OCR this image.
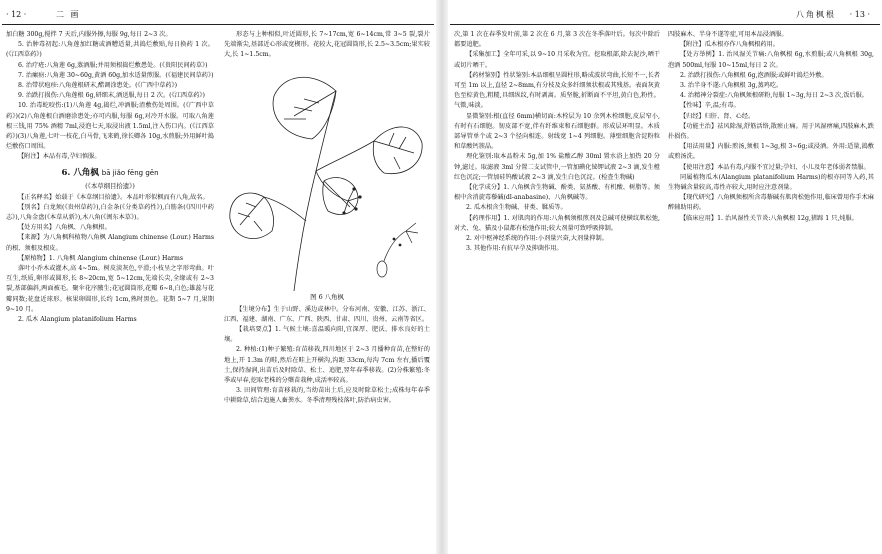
· 12 ·	二 画

加白糖 300g,搅拌 7 天后,内服外擦,每服 9g,每日 2~3 次。

5. 治肿毒初起:八角莲加红糖或酒糟适量,共捣烂敷贴,每日换药 1 次。(《江西草药》)

6. 治疗疮:八角莲 6g,蒸酒服;并用须根捣烂敷患处。(《贵阳民间药草》)

7. 治瘰疬:八角莲 30~60g,黄酒 60g,加水适量煎服。(《福建民间草药》)

8. 治带状疱疹:八角莲根研末,醋调涂患处。(《广西中草药》)

9. 治跌打损伤:八角莲根 6g,研细末,酒送服,每日 2 次。(《江西草药》)

10. 治毒蛇咬伤:(1)八角莲 4g,捣烂,冲酒服;渣敷伤处周围。(《广西中草药》)(2)八角莲根白酒磨涂患处;亦可内服,每服 6g,对冷开水服。可取八角莲根三钱,用 75% 酒精 7ml,浸泡七天,取浸出液 1.5ml,注入伤口内。(《江西草药》)(3)八角莲,七叶一枝花,白马骨,飞来鹤,徐长卿各 10g,水煎服;外用鲜叶捣烂敷伤口周围。

【附注】本品有毒,孕妇慎服。

6. 八角枫 bā jiǎo fēng gēn
(《本草纲目拾遗》)

【正名释名】始载于《本草纲目拾遗》。本品叶形似枫而有八角,故名。

【别名】白龙须(《贵州草药》),白金条(《分类草药性》),白筋条(《四川中药志》),八角金盘(《本草从新》),木八角(《闽东本草》)。

【处方用名】八角枫、八角枫根。

【来源】为八角枫科植物八角枫 Alangium chinense (Lour.) Harms 的根、须根及根皮。

【原植物】1. 八角枫 Alangium chinense (Lour.) Harms

落叶小乔木或灌木,高 4~5m。树皮淡灰色,平滑;小枝呈之字形弯曲。叶互生,纸质,卵形或圆形,长 8~20cm,宽 5~12cm,先端长尖,全缘或有 2~3 裂,基部偏斜,两面被毛。聚伞花序腋生;花冠圆筒形,花瓣 6~8,白色;雄蕊与花瓣同数;花盘近球形。核果卵圆形,长约 1cm,熟时黑色。花期 5~7 月,果期 9~10 月。

2. 瓜木 Alangium platanifolium Harms

形态与上种相似,叶近圆形,长 7~17cm,宽 6~14cm,常 3~5 裂,裂片先端渐尖,基部近心形或宽楔形。花较大,花冠圆筒形,长 2.5~3.5cm;果实较大,长 1~1.5cm。

图 6 八角枫

【生境分布】生于山野、溪边或林中。分布河南、安徽、江苏、浙江、江西、福建、湖南、广东、广西、陕西、甘肃、四川、贵州、云南等省区。

【栽培要点】1. 气候土壤:喜温暖向阳,宜深厚、肥沃、排水良好的土壤。

2. 种植:(1)种子繁殖:育苗移栽,四川地区于 2~3 月播种育苗,在整好的地上,开 1.3m 的畦,然后在畦上开横沟,沟距 33cm,每沟 7cm 左右,播后覆土,保持湿润,出苗后及时除草、松土、追肥,翌年春季移栽。(2)分株繁殖:冬季或早春,挖取老株的分蘖苗栽种,成活率较高。

3. 田间管理:育苗移栽的,当幼苗出土后,应及时除草松土;成株每年春季中耕除草,结合追施人畜粪水。冬季清理残枝落叶,防治病虫害。

八角枫根 · 13 ·

次,第 1 次在春季发叶前,第 2 次在 6 月,第 3 次在冬季落叶后。每次中除后都要追肥。

【采集加工】全年可采,以 9~10 月采收为宜。挖取根部,除去泥沙,晒干或切片晒干。

【药材鉴别】性状鉴别:本品细根呈圆柱形,略成波状弯曲,长短不一,长者可至 1m 以上,直径 2~8mm,有分枝及众多纤细须状根或其残基。表面灰黄色至棕黄色,粗糙,具细纵纹,有时剥离。质坚脆,折断面不平坦,黄白色,粉性。气微,味淡。

显微鉴别:根(直径 6mm)横切面:木栓层为 10 余列木栓细胞,皮层窄小,有时有石细胞。韧皮部不宽,伴有纤维束和石细胞群。形成层环明显。木质部导管单个或 2~3 个径向相连。射线宽 1~4 列细胞。薄壁细胞含淀粉粒和草酸钙簇晶。

理化鉴别:取本品粉末 5g,加 1% 盐酸乙醇 30ml 置水浴上加热 20 分钟,滤过。取滤液 3ml 分置二支试管中,一管加碘化铋钾试液 2~3 滴,发生橙红色沉淀;一管加硅钨酸试液 2~3 滴,发生白色沉淀。(检查生物碱)

【化学成分】1. 八角枫含生物碱、酚类、氨基酸、有机酸、树脂等。须根中含消旋毒藜碱(dl-anabasine)、八角枫碱等。

2. 瓜木根含生物碱、苷类、鞣质等。

【药理作用】1. 对肌肉的作用:八角枫须根煎剂及总碱可使横纹肌松弛,对犬、兔、猫及小鼠都有松弛作用;较大剂量可致呼吸抑制。

2. 对中枢神经系统的作用:小剂量兴奋,大剂量抑制。

3. 其他作用:有抗早孕及抑菌作用。

四肢麻木、半身不遂等症,可用本品浸酒服。

【附注】瓜木根亦作八角枫根药用。

【处方举例】1. 治风湿关节痛:八角枫根 6g,水煎服;或八角枫根 30g,泡酒 500ml,每服 10~15ml,每日 2 次。

2. 治跌打损伤:八角枫根 6g,泡酒服;或鲜叶捣烂外敷。

3. 治半身不遂:八角枫根 3g,蒸鸡吃。

4. 治精神分裂症:八角枫须根研粉,每服 1~3g,每日 2~3 次,饭后服。

【性味】辛,温;有毒。

【归经】归肝、肾、心经。

【功能主治】祛风除湿,舒筋活络,散瘀止痛。用于风湿痹痛,四肢麻木,跌扑损伤。

【用法用量】内服:煎汤,须根 1~3g,根 3~6g;或浸酒。外用:适量,捣敷或煎汤洗。

【使用注意】本品有毒,内服不宜过量;孕妇、小儿及年老体弱者禁服。

同属植物瓜木(Alangium platanifolium Harms)的根亦同等入药,其生物碱含量较高,毒性亦较大,用时应注意剂量。

【现代研究】八角枫须根所含毒藜碱有肌肉松弛作用,临床曾用作手术麻醉辅助用药。

【临床应用】1. 治风湿性关节炎:八角枫根 12g,猪蹄 1 只,炖服。
